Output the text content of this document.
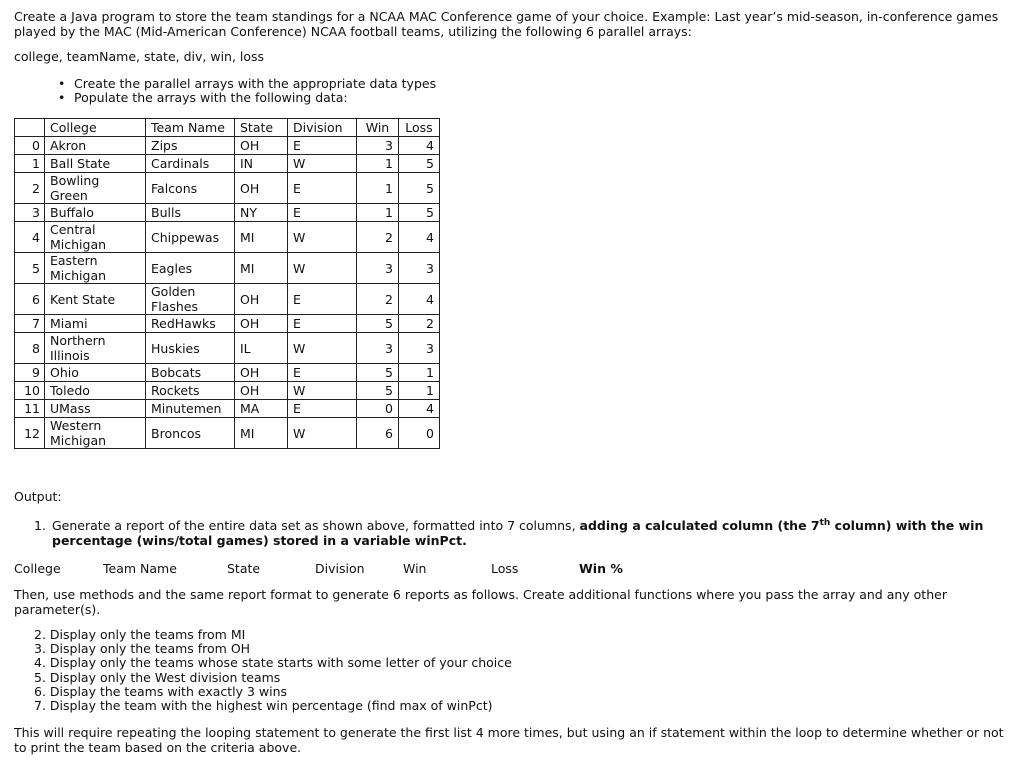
Create a Java program to store the team standings for a NCAA MAC Conference game of your choice. Example: Last year’s mid-season, in-conference games
played by the MAC (Mid-American Conference) NCAA football teams, utilizing the following 6 parallel arrays:
college, teamName, state, div, win, loss
• Create the parallel arrays with the appropriate data types
• Populate the arrays with the following data:
	College	Team Name	State	Division	Win	Loss
0	Akron	Zips	OH	E	3	4
1	Ball State	Cardinals	IN	W	1	5
2	Bowling
Green	Falcons	OH	E	1	5
3	Buffalo	Bulls	NY	E	1	5
4	Central
Michigan	Chippewas	MI	W	2	4
5	Eastern
Michigan	Eagles	MI	W	3	3
6	Kent State	Golden
Flashes	OH	E	2	4
7	Miami	RedHawks	OH	E	5	2
8	Northern
Illinois	Huskies	IL	W	3	3
9	Ohio	Bobcats	OH	E	5	1
10	Toledo	Rockets	OH	W	5	1
11	UMass	Minutemen	MA	E	0	4
12	Western
Michigan	Broncos	MI	W	6	0
Output:
1. Generate a report of the entire data set as shown above, formatted into 7 columns, adding a calculated column (the 7th column) with the win percentage (wins/total games) stored in a variable winPct.
College	Team Name	State	Division	Win	Loss	Win %
Then, use methods and the same report format to generate 6 reports as follows. Create additional functions where you pass the array and any other parameter(s).
2. Display only the teams from MI
3. Display only the teams from OH
4. Display only the teams whose state starts with some letter of your choice
5. Display only the West division teams
6. Display the teams with exactly 3 wins
7. Display the team with the highest win percentage (find max of winPct)
This will require repeating the looping statement to generate the first list 4 more times, but using an if statement within the loop to determine whether or not to print the team based on the criteria above.
